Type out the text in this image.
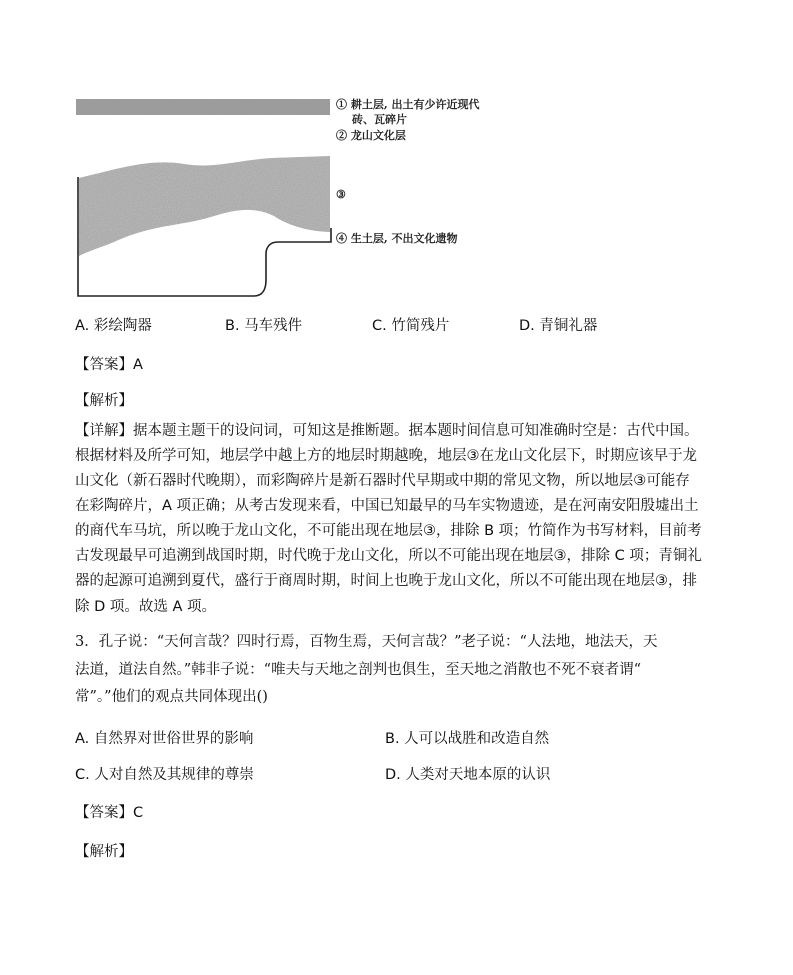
① 耕土层, 出土有少许近现代
砖、瓦碎片
② 龙山文化层
③
④ 生土层, 不出文化遗物
A. 彩绘陶器	B. 马车残件	C. 竹简残片	D. 青铜礼器
【答案】A
【解析】
【详解】据本题主题干的设问词，可知这是推断题。据本题时间信息可知准确时空是：古代中国。
根据材料及所学可知，地层学中越上方的地层时期越晚，地层③在龙山文化层下，时期应该早于龙
山文化（新石器时代晚期），而彩陶碎片是新石器时代早期或中期的常见文物，所以地层③可能存
在彩陶碎片，A 项正确；从考古发现来看，中国已知最早的马车实物遗迹，是在河南安阳殷墟出土
的商代车马坑，所以晚于龙山文化，不可能出现在地层③，排除 B 项；竹简作为书写材料，目前考
古发现最早可追溯到战国时期，时代晚于龙山文化，所以不可能出现在地层③，排除 C 项；青铜礼
器的起源可追溯到夏代，盛行于商周时期，时间上也晚于龙山文化，所以不可能出现在地层③，排
除 D 项。故选 A 项。
3．孔子说：“天何言哉？四时行焉，百物生焉，天何言哉？”老子说：“人法地，地法天，天
法道，道法自然。”韩非子说：“唯夫与天地之剖判也俱生，至天地之消散也不死不衰者谓“
常”。”他们的观点共同体现出()
A. 自然界对世俗世界的影响	B. 人可以战胜和改造自然
C. 人对自然及其规律的尊崇	D. 人类对天地本原的认识
【答案】C
【解析】
